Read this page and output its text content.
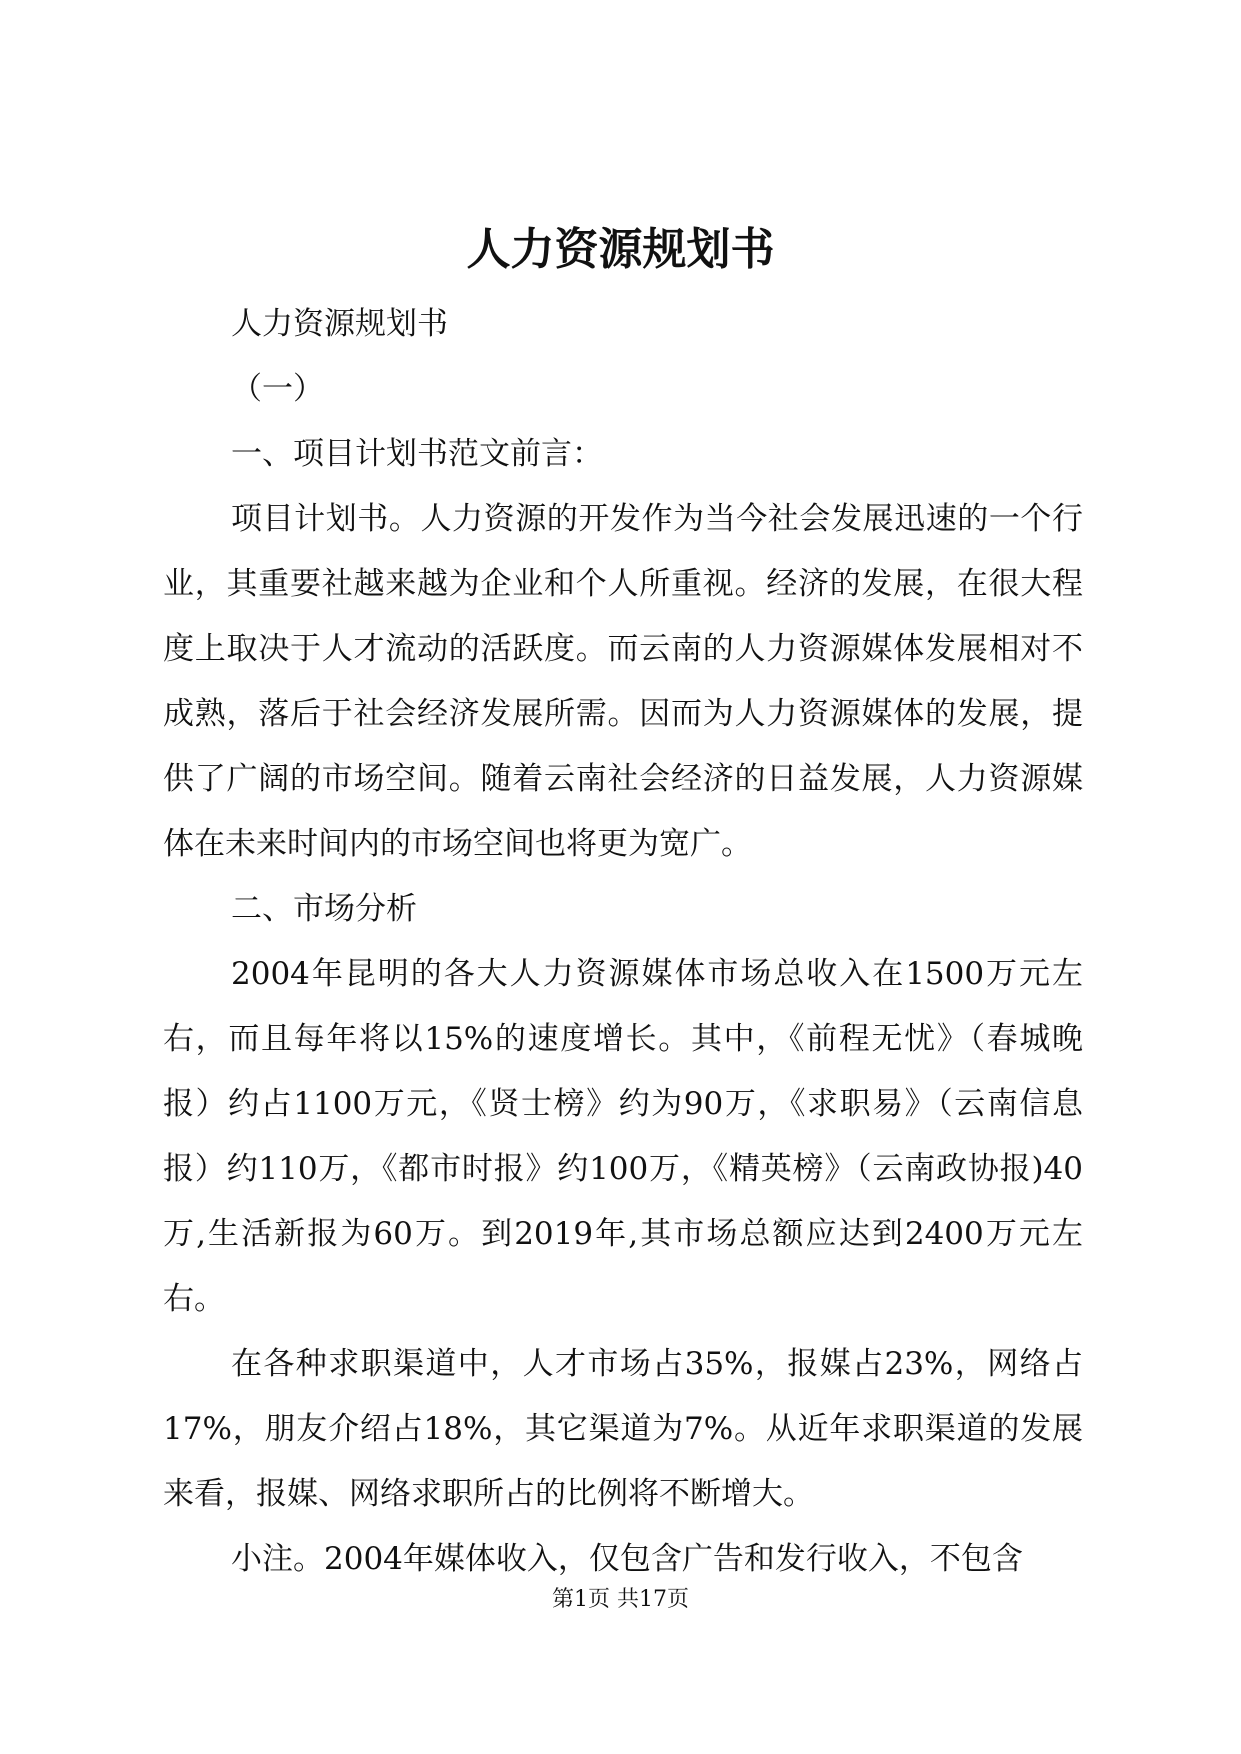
人力资源规划书

人力资源规划书

（一）

一、项目计划书范文前言：

项目计划书。人力资源的开发作为当今社会发展迅速的一个行业，其重要社越来越为企业和个人所重视。经济的发展，在很大程度上取决于人才流动的活跃度。而云南的人力资源媒体发展相对不成熟，落后于社会经济发展所需。因而为人力资源媒体的发展，提供了广阔的市场空间。随着云南社会经济的日益发展，人力资源媒体在未来时间内的市场空间也将更为宽广。

二、市场分析

2004年昆明的各大人力资源媒体市场总收入在1500万元左右，而且每年将以15%的速度增长。其中，《前程无忧》（春城晚报）约占1100万元，《贤士榜》约为90万，《求职易》（云南信息报）约110万，《都市时报》约100万，《精英榜》（云南政协报)40万,生活新报为60万。到2019年,其市场总额应达到2400万元左右。

在各种求职渠道中，人才市场占35%，报媒占23%，网络占17%，朋友介绍占18%，其它渠道为7%。从近年求职渠道的发展来看，报媒、网络求职所占的比例将不断增大。

小注。2004年媒体收入，仅包含广告和发行收入，不包含

第1页 共17页
